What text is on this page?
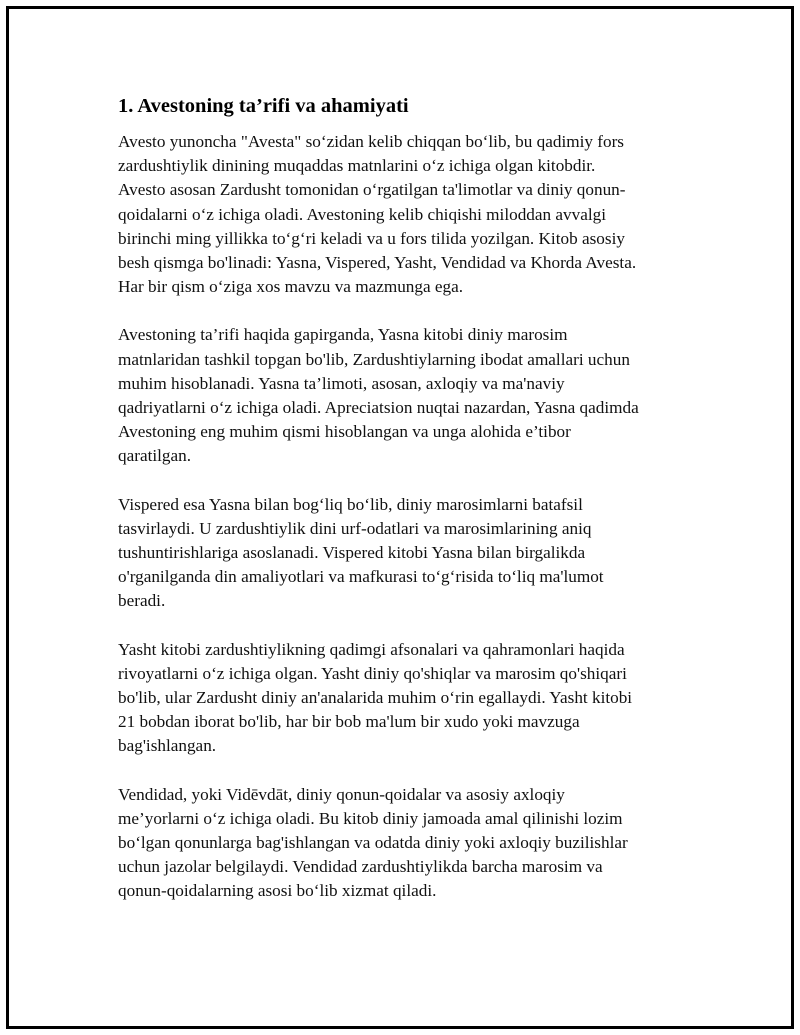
1. Avestoning ta’rifi va ahamiyati
Avesto yunoncha "Avesta" so‘zidan kelib chiqqan bo‘lib, bu qadimiy fors
zardushtiylik dinining muqaddas matnlarini o‘z ichiga olgan kitobdir.
Avesto asosan Zardusht tomonidan o‘rgatilgan ta'limotlar va diniy qonun-
qoidalarni o‘z ichiga oladi. Avestoning kelib chiqishi miloddan avvalgi
birinchi ming yillikka to‘g‘ri keladi va u fors tilida yozilgan. Kitob asosiy
besh qismga bo'linadi: Yasna, Vispered, Yasht, Vendidad va Khorda Avesta.
Har bir qism o‘ziga xos mavzu va mazmunga ega.
Avestoning ta’rifi haqida gapirganda, Yasna kitobi diniy marosim
matnlaridan tashkil topgan bo'lib, Zardushtiylarning ibodat amallari uchun
muhim hisoblanadi. Yasna ta’limoti, asosan, axloqiy va ma'naviy
qadriyatlarni o‘z ichiga oladi. Apreciatsion nuqtai nazardan, Yasna qadimda
Avestoning eng muhim qismi hisoblangan va unga alohida e’tibor
qaratilgan.
Vispered esa Yasna bilan bog‘liq bo‘lib, diniy marosimlarni batafsil
tasvirlaydi. U zardushtiylik dini urf-odatlari va marosimlarining aniq
tushuntirishlariga asoslanadi. Vispered kitobi Yasna bilan birgalikda
o'rganilganda din amaliyotlari va mafkurasi to‘g‘risida to‘liq ma'lumot
beradi.
Yasht kitobi zardushtiylikning qadimgi afsonalari va qahramonlari haqida
rivoyatlarni o‘z ichiga olgan. Yasht diniy qo'shiqlar va marosim qo'shiqari
bo'lib, ular Zardusht diniy an'analarida muhim o‘rin egallaydi. Yasht kitobi
21 bobdan iborat bo'lib, har bir bob ma'lum bir xudo yoki mavzuga
bag'ishlangan.
Vendidad, yoki Vidēvdāt, diniy qonun-qoidalar va asosiy axloqiy
me’yorlarni o‘z ichiga oladi. Bu kitob diniy jamoada amal qilinishi lozim
bo‘lgan qonunlarga bag'ishlangan va odatda diniy yoki axloqiy buzilishlar
uchun jazolar belgilaydi. Vendidad zardushtiylikda barcha marosim va
qonun-qoidalarning asosi bo‘lib xizmat qiladi.
